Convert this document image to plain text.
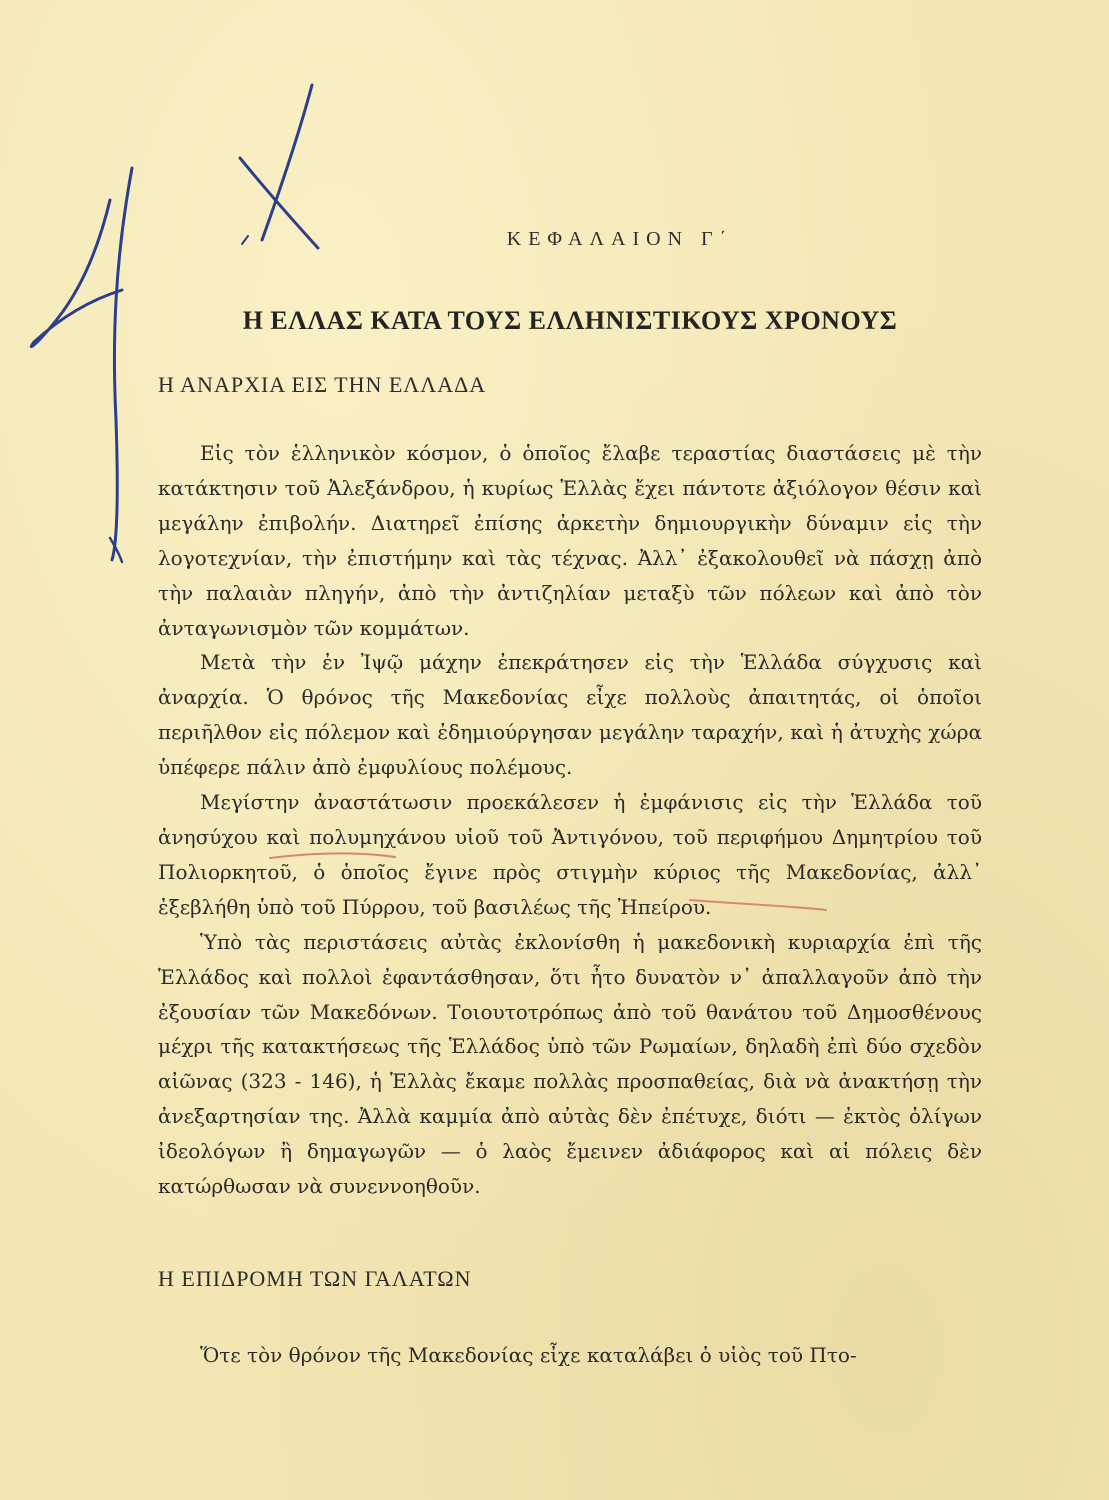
ΚΕΦΑΛΑΙΟΝ Γ΄
Η ΕΛΛΑΣ ΚΑΤΑ ΤΟΥΣ ΕΛΛΗΝΙΣΤΙΚΟΥΣ ΧΡΟΝΟΥΣ
Η ΑΝΑΡΧΙΑ ΕΙΣ ΤΗΝ ΕΛΛΑΔΑ

Εἰς τὸν ἑλληνικὸν κόσμον, ὁ ὁποῖος ἔλαβε τεραστίας διαστάσεις μὲ τὴν κατάκτησιν τοῦ Ἀλεξάνδρου, ἡ κυρίως Ἑλλὰς ἔχει πάντοτε ἀξιόλογον θέσιν καὶ μεγάλην ἐπιβολήν. Διατηρεῖ ἐπίσης ἀρκετὴν δημιουργικὴν δύναμιν εἰς τὴν λογοτεχνίαν, τὴν ἐπιστήμην καὶ τὰς τέχνας. Ἀλλ᾽ ἐξακολουθεῖ νὰ πάσχῃ ἀπὸ τὴν παλαιὰν πληγήν, ἀπὸ τὴν ἀντιζηλίαν μεταξὺ τῶν πόλεων καὶ ἀπὸ τὸν ἀνταγωνισμὸν τῶν κομμάτων.

Μετὰ τὴν ἐν Ἰψῷ μάχην ἐπεκράτησεν εἰς τὴν Ἑλλάδα σύγχυσις καὶ ἀναρχία. Ὁ θρόνος τῆς Μακεδονίας εἶχε πολλοὺς ἀπαιτητάς, οἱ ὁποῖοι περιῆλθον εἰς πόλεμον καὶ ἐδημιούργησαν μεγάλην ταραχήν, καὶ ἡ ἀτυχὴς χώρα ὑπέφερε πάλιν ἀπὸ ἐμφυλίους πολέμους.

Μεγίστην ἀναστάτωσιν προεκάλεσεν ἡ ἐμφάνισις εἰς τὴν Ἑλλάδα τοῦ ἀνησύχου καὶ πολυμηχάνου υἱοῦ τοῦ Ἀντιγόνου, τοῦ περιφήμου Δημητρίου τοῦ Πολιορκητοῦ, ὁ ὁποῖος ἔγινε πρὸς στιγμὴν κύριος τῆς Μακεδονίας, ἀλλ᾽ ἐξεβλήθη ὑπὸ τοῦ Πύρρου, τοῦ βασιλέως τῆς Ἠπείρου.

Ὑπὸ τὰς περιστάσεις αὐτὰς ἐκλονίσθη ἡ μακεδονικὴ κυριαρχία ἐπὶ τῆς Ἑλλάδος καὶ πολλοὶ ἐφαντάσθησαν, ὅτι ἦτο δυνατὸν ν᾽ ἀπαλλαγοῦν ἀπὸ τὴν ἐξουσίαν τῶν Μακεδόνων. Τοιουτοτρόπως ἀπὸ τοῦ θανάτου τοῦ Δημοσθένους μέχρι τῆς κατακτήσεως τῆς Ἑλλάδος ὑπὸ τῶν Ρωμαίων, δηλαδὴ ἐπὶ δύο σχεδὸν αἰῶνας (323 - 146), ἡ Ἑλλὰς ἔκαμε πολλὰς προσπαθείας, διὰ νὰ ἀνακτήσῃ τὴν ἀνεξαρτησίαν της. Ἀλλὰ καμμία ἀπὸ αὐτὰς δὲν ἐπέτυχε, διότι — ἐκτὸς ὀλίγων ἰδεολόγων ἢ δημαγωγῶν — ὁ λαὸς ἔμεινεν ἀδιάφορος καὶ αἱ πόλεις δὲν κατώρθωσαν νὰ συνεννοηθοῦν.

Η ΕΠΙΔΡΟΜΗ ΤΩΝ ΓΑΛΑΤΩΝ
Ὅτε τὸν θρόνον τῆς Μακεδονίας εἶχε καταλάβει ὁ υἱὸς τοῦ Πτο-
